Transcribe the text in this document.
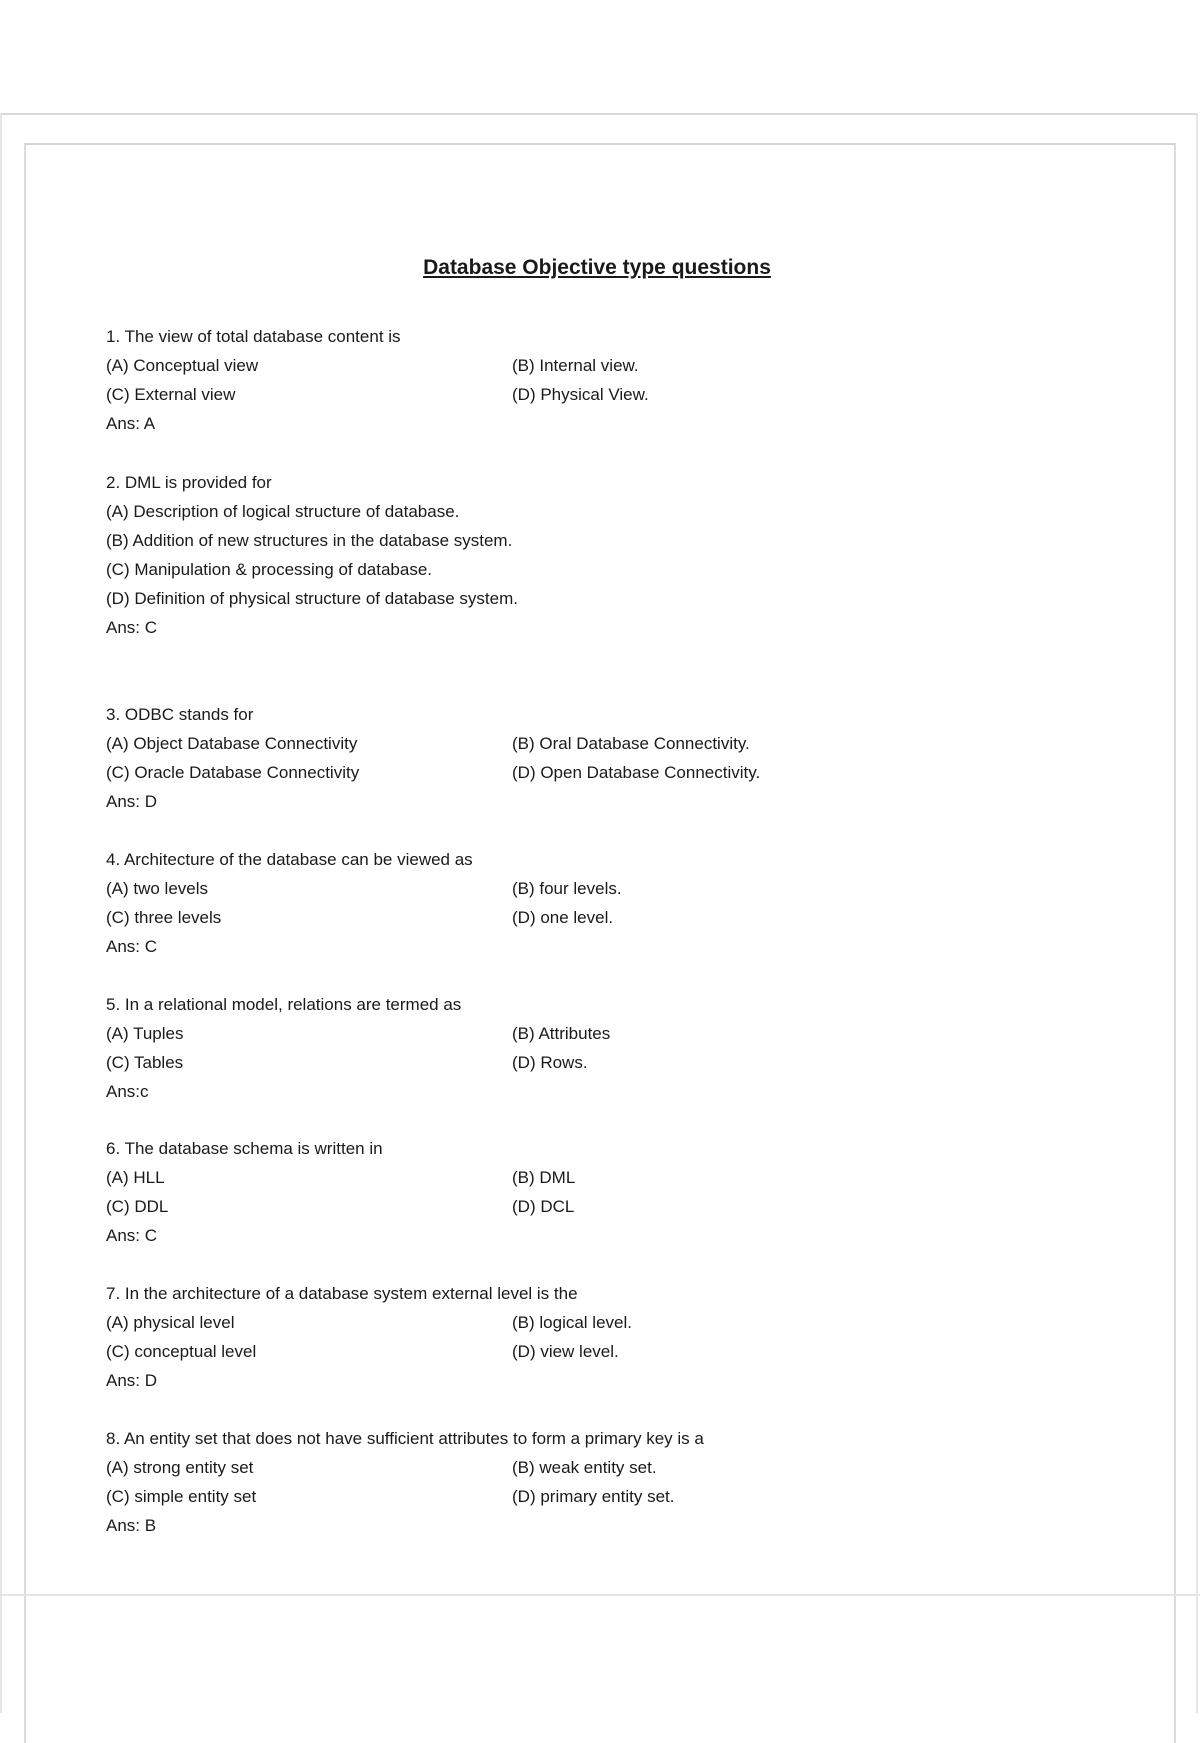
Database Objective type questions
1. The view of total database content is
(A) Conceptual view	(B) Internal view.
(C) External view	(D) Physical View.
Ans: A
2. DML is provided for
(A) Description of logical structure of database.
(B) Addition of new structures in the database system.
(C) Manipulation & processing of database.
(D) Definition of physical structure of database system.
Ans: C
3. ODBC stands for
(A) Object Database Connectivity	(B) Oral Database Connectivity.
(C) Oracle Database Connectivity	(D) Open Database Connectivity.
Ans: D
4. Architecture of the database can be viewed as
(A) two levels	(B) four levels.
(C) three levels	(D) one level.
Ans: C
5. In a relational model, relations are termed as
(A) Tuples	(B) Attributes
(C) Tables	(D) Rows.
Ans:c
6. The database schema is written in
(A) HLL	(B) DML
(C) DDL	(D) DCL
Ans: C
7. In the architecture of a database system external level is the
(A) physical level	(B) logical level.
(C) conceptual level	(D) view level.
Ans: D
8. An entity set that does not have sufficient attributes to form a primary key is a
(A) strong entity set	(B) weak entity set.
(C) simple entity set	(D) primary entity set.
Ans: B
